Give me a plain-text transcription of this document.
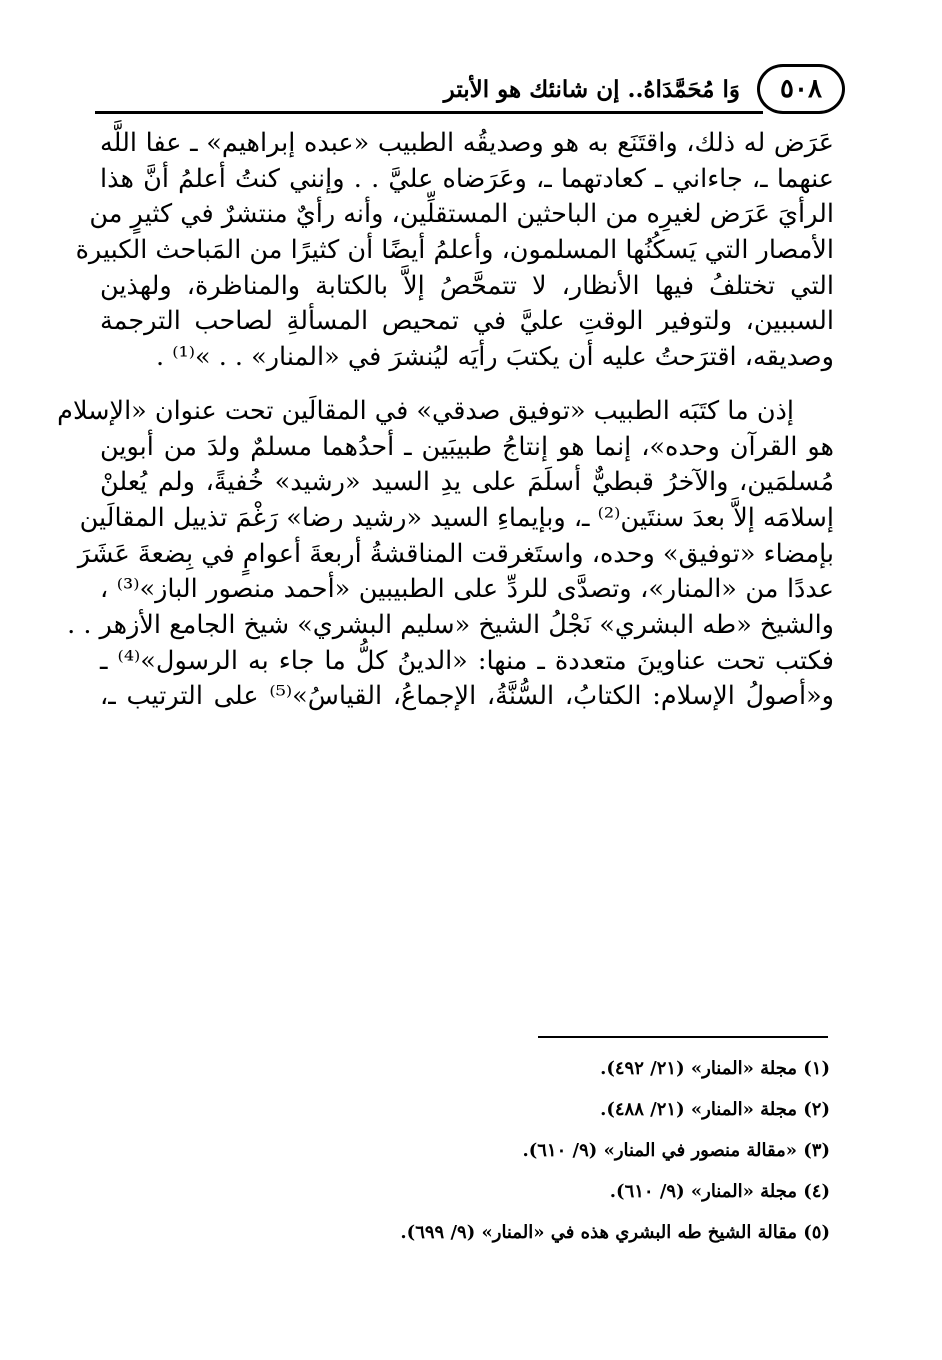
٥٠٨
وَا مُحَمَّدَاهُ.. إن شانئك هو الأبتر

عَرَض له ذلك، واقتَنَع به هو وصديقُه الطبيب «عبده إبراهيم» ـ عفا اللَّه
عنهما ـ، جاءاني ـ كعادتهما ـ، وعَرَضاه عليَّ . . وإنني كنتُ أعلمُ أنَّ هذا
الرأيَ عَرَض لغيرِه من الباحثين المستقلِّين، وأنه رأيٌ منتشرٌ في كثيرٍ من
الأمصار التي يَسكُنُها المسلمون، وأعلمُ أيضًا أن كثيرًا من المَباحث الكبيرة
التي تختلفُ فيها الأنظار، لا تتمحَّصُ إلاَّ بالكتابة والمناظرة، ولهذين
السببين، ولتوفير الوقتِ عليَّ في تمحيص المسألةِ لصاحب الترجمة
وصديقه، اقترَحتُ عليه أن يكتبَ رأيَه ليُنشرَ في «المنار» . . »⁽¹⁾ .

إذن ما كتَبَه الطبيب «توفيق صدقي» في المقالَين تحت عنوان «الإسلام
هو القرآن وحده»، إنما هو إنتاجُ طبيبَين ـ أحدُهما مسلمٌ ولدَ من أبوين
مُسلمَين، والآخرُ قبطيٌّ أسلَمَ على يدِ السيد «رشيد» خُفيةً، ولم يُعلنْ
إسلامَه إلاَّ بعدَ سنتَين⁽²⁾ ـ، وبإيماءِ السيد «رشيد رضا» رَغْمَ تذييل المقالَين
بإمضاء «توفيق» وحده، واستَغرقت المناقشةُ أربعةَ أعوامٍ في بِضعةَ عَشَرَ
عددًا من «المنار»، وتصدَّى للردِّ على الطبيبين «أحمد منصور الباز»⁽³⁾ ،
والشيخ «طه البشري» نَجْلُ الشيخ «سليم البشري» شيخ الجامع الأزهر . .
فكتب تحت عناوينَ متعددة ـ منها: «الدينُ كلُّ ما جاء به الرسول»⁽⁴⁾ ـ
و«أصولُ الإسلام: الكتابُ، السُّنَّةُ، الإجماعُ، القياسُ»⁽⁵⁾ على الترتيب ـ،

(١) مجلة «المنار» (٢١/ ٤٩٢).
(٢) مجلة «المنار» (٢١/ ٤٨٨).
(٣) «مقالة منصور في المنار» (٩/ ٦١٠).
(٤) مجلة «المنار» (٩/ ٦١٠).
(٥) مقالة الشيخ طه البشري هذه في «المنار» (٩/ ٦٩٩).
